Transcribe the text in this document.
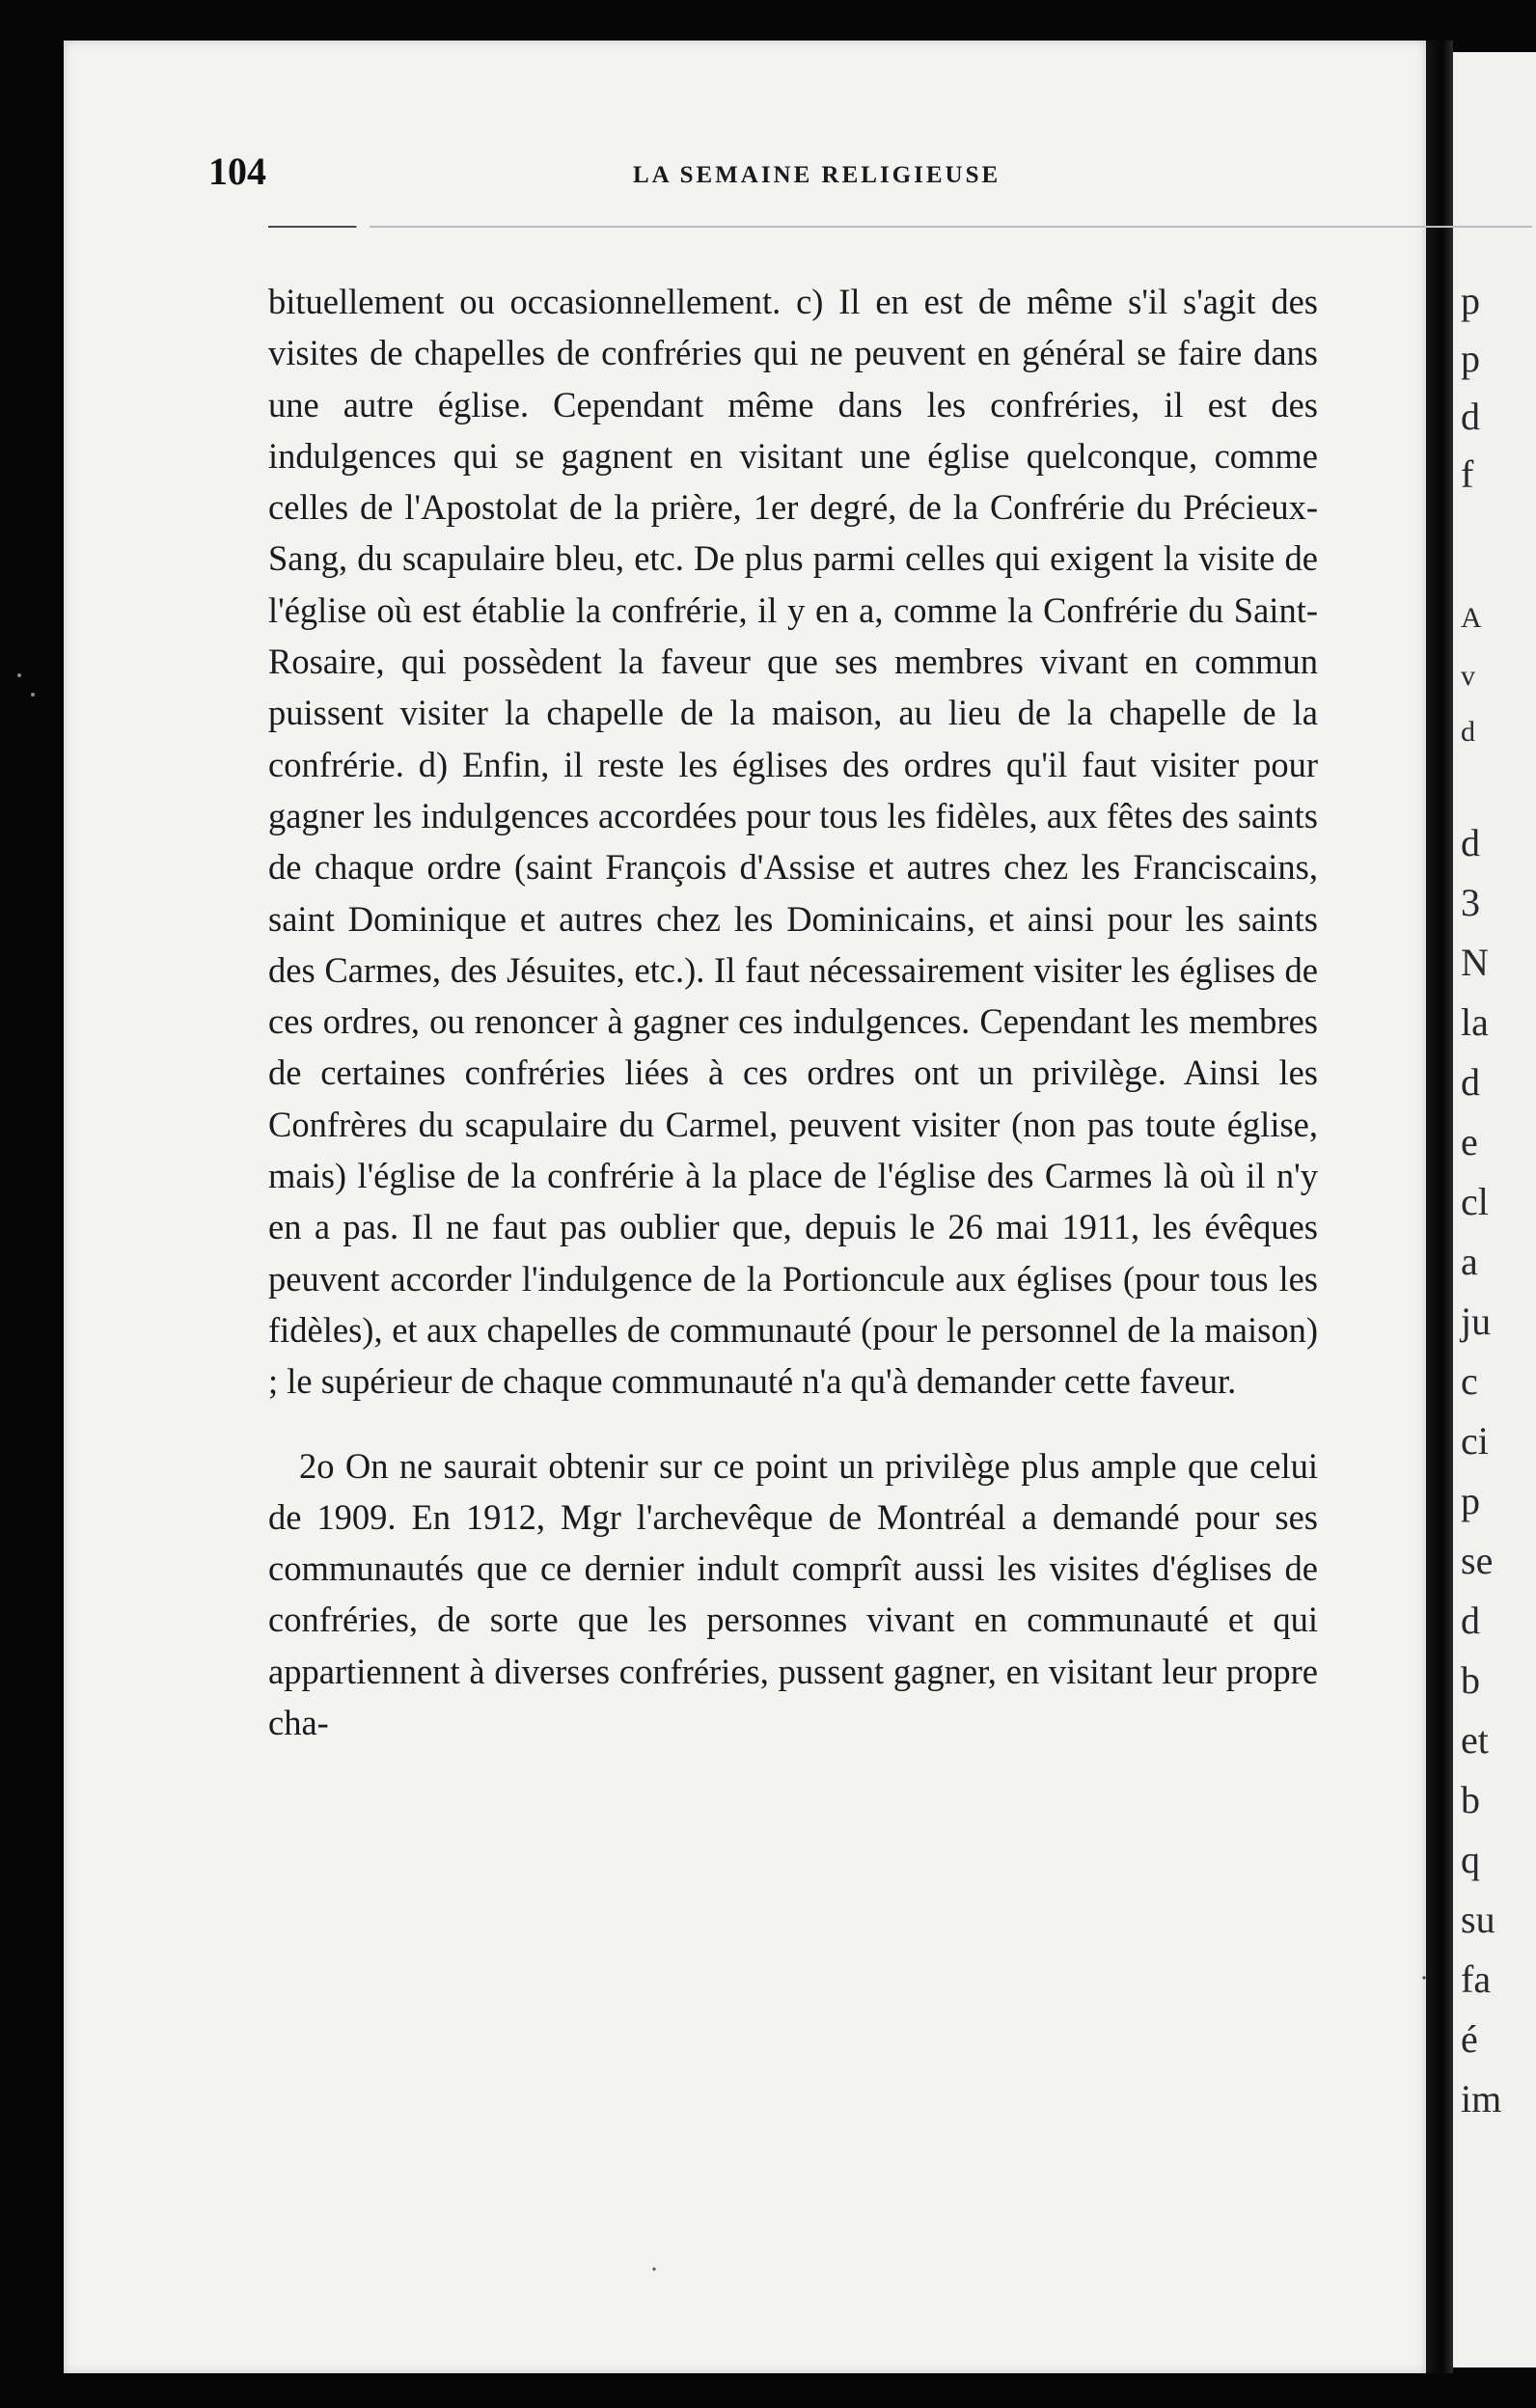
p
p
d
f
A
v
d
d
3
N
la
d
e
cl
a
ju
c
ci
p
se
d
b
et
b
q
su
fa
é
im
104	LA SEMAINE RELIGIEUSE

bituellement ou occasionnellement. c) Il en est de même s'il s'agit des visites de chapelles de confréries qui ne peuvent en général se faire dans une autre église. Cependant même dans les confréries, il est des indulgences qui se gagnent en visitant une église quelconque, comme celles de l'Apostolat de la prière, 1er degré, de la Confrérie du Précieux-Sang, du scapulaire bleu, etc. De plus parmi celles qui exigent la visite de l'église où est établie la confrérie, il y en a, comme la Confrérie du Saint-Rosaire, qui possèdent la faveur que ses membres vivant en commun puissent visiter la chapelle de la maison, au lieu de la chapelle de la confrérie. d) Enfin, il reste les églises des ordres qu'il faut visiter pour gagner les indulgences accordées pour tous les fidèles, aux fêtes des saints de chaque ordre (saint François d'Assise et autres chez les Franciscains, saint Dominique et autres chez les Dominicains, et ainsi pour les saints des Carmes, des Jésuites, etc.). Il faut nécessairement visiter les églises de ces ordres, ou renoncer à gagner ces indulgences. Cependant les membres de certaines confréries liées à ces ordres ont un privilège. Ainsi les Confrères du scapulaire du Carmel, peuvent visiter (non pas toute église, mais) l'église de la confrérie à la place de l'église des Carmes là où il n'y en a pas. Il ne faut pas oublier que, depuis le 26 mai 1911, les évêques peuvent accorder l'indulgence de la Portioncule aux églises (pour tous les fidèles), et aux chapelles de communauté (pour le personnel de la maison) ; le supérieur de chaque communauté n'a qu'à demander cette faveur.

2o On ne saurait obtenir sur ce point un privilège plus ample que celui de 1909. En 1912, Mgr l'archevêque de Montréal a demandé pour ses communautés que ce dernier indult comprît aussi les visites d'églises de confréries, de sorte que les personnes vivant en communauté et qui appartiennent à diverses confréries, pussent gagner, en visitant leur propre cha-
